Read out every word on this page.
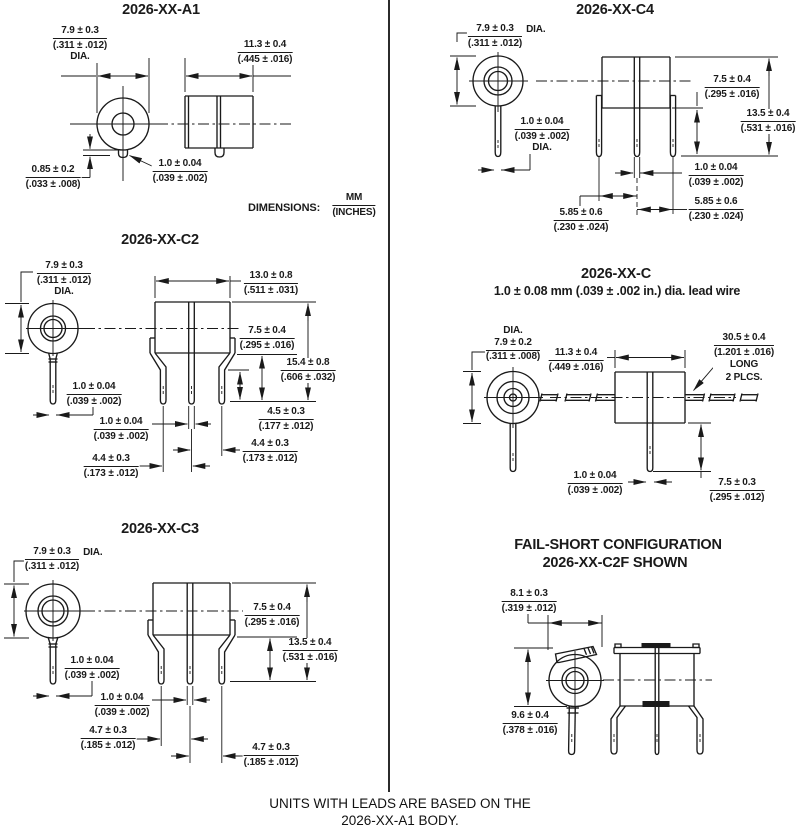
2026-XX-A1
7.9 ± 0.3
(.311 ± .012)
DIA.
11.3 ± 0.4
(.445 ± .016)
1.0 ± 0.04
(.039 ± .002)
0.85 ± 0.2
(.033 ± .008)
DIMENSIONS:
MM
(INCHES)
2026-XX-C4
7.9 ± 0.3
(.311 ± .012)
DIA.
1.0 ± 0.04
(.039 ± .002)
DIA.
7.5 ± 0.4
(.295 ± .016)
13.5 ± 0.4
(.531 ± .016)
1.0 ± 0.04
(.039 ± .002)
5.85 ± 0.6
(.230 ± .024)
5.85 ± 0.6
(.230 ± .024)
2026-XX-C2
7.9 ± 0.3
(.311 ± .012)
DIA.
13.0 ± 0.8
(.511 ± .031)
7.5 ± 0.4
(.295 ± .016)
15.4 ± 0.8
(.606 ± .032)
1.0 ± 0.04
(.039 ± .002)
1.0 ± 0.04
(.039 ± .002)
4.5 ± 0.3
(.177 ± .012)
4.4 ± 0.3
(.173 ± .012)
4.4 ± 0.3
(.173 ± .012)
2026-XX-C
1.0 ± 0.08 mm (.039 ± .002 in.) dia. lead wire
DIA.
7.9 ± 0.2
(.311 ± .008)	11.3 ± 0.4
(.449 ± .016)
30.5 ± 0.4
(1.201 ± .016)
LONG
2 PLCS.
1.0 ± 0.04
(.039 ± .002)
7.5 ± 0.3
(.295 ± .012)
2026-XX-C3
7.9 ± 0.3
(.311 ± .012)
DIA.
7.5 ± 0.4
(.295 ± .016)
13.5 ± 0.4
(.531 ± .016)
1.0 ± 0.04
(.039 ± .002)
1.0 ± 0.04
(.039 ± .002)
4.7 ± 0.3
(.185 ± .012)	4.7 ± 0.3
(.185 ± .012)
FAIL-SHORT CONFIGURATION
2026-XX-C2F SHOWN
8.1 ± 0.3
(.319 ± .012)
9.6 ± 0.4
(.378 ± .016)
UNITS WITH LEADS ARE BASED ON THE
2026-XX-A1 BODY.
